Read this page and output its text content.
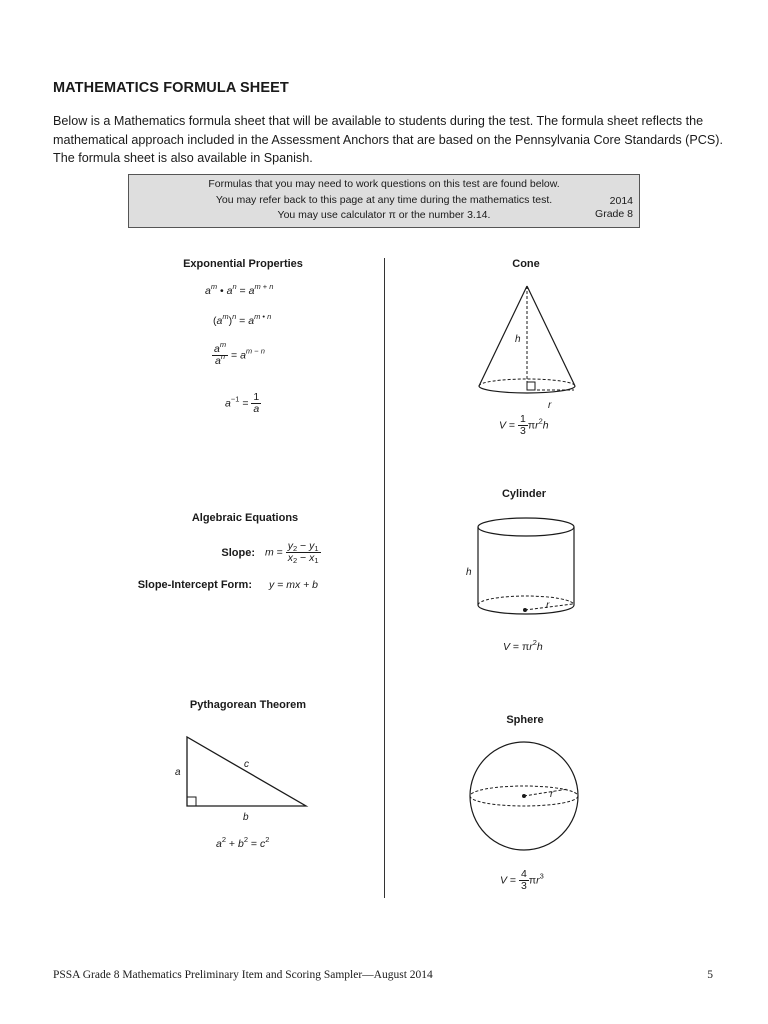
MATHEMATICS FORMULA SHEET
Below is a Mathematics formula sheet that will be available to students during the test. The formula sheet reflects the mathematical approach included in the Assessment Anchors that are based on the Pennsylvania Core Standards (PCS). The formula sheet is also available in Spanish.
Formulas that you may need to work questions on this test are found below.
You may refer back to this page at any time during the mathematics test.
You may use calculator π or the number 3.14.
2014
Grade 8
Exponential Properties
$a^m$ • $a^n = a^{m + n}$
$(a^m)^n = a^{m • n}$
$\frac{a^m}{a^n} = a^{m - n}$
$a^{-1} = \frac{1}{a}$
Algebraic Equations
Slope: $m = \frac{y_2 - y_1}{x_2 - x_1}$
Slope-Intercept Form: y = mx + b
Pythagorean Theorem
a
c
b
$a^2 + b^2 = c^2$
Cone
h
r
$V = \frac{1}{3} \pi r^2h$
Cylinder
h
r
$V = \pi r^2h$
Sphere
r
$V = \frac{4}{3} \pi r^3$
PSSA Grade 8 Mathematics Preliminary Item and Scoring Sampler—August 2014	5
